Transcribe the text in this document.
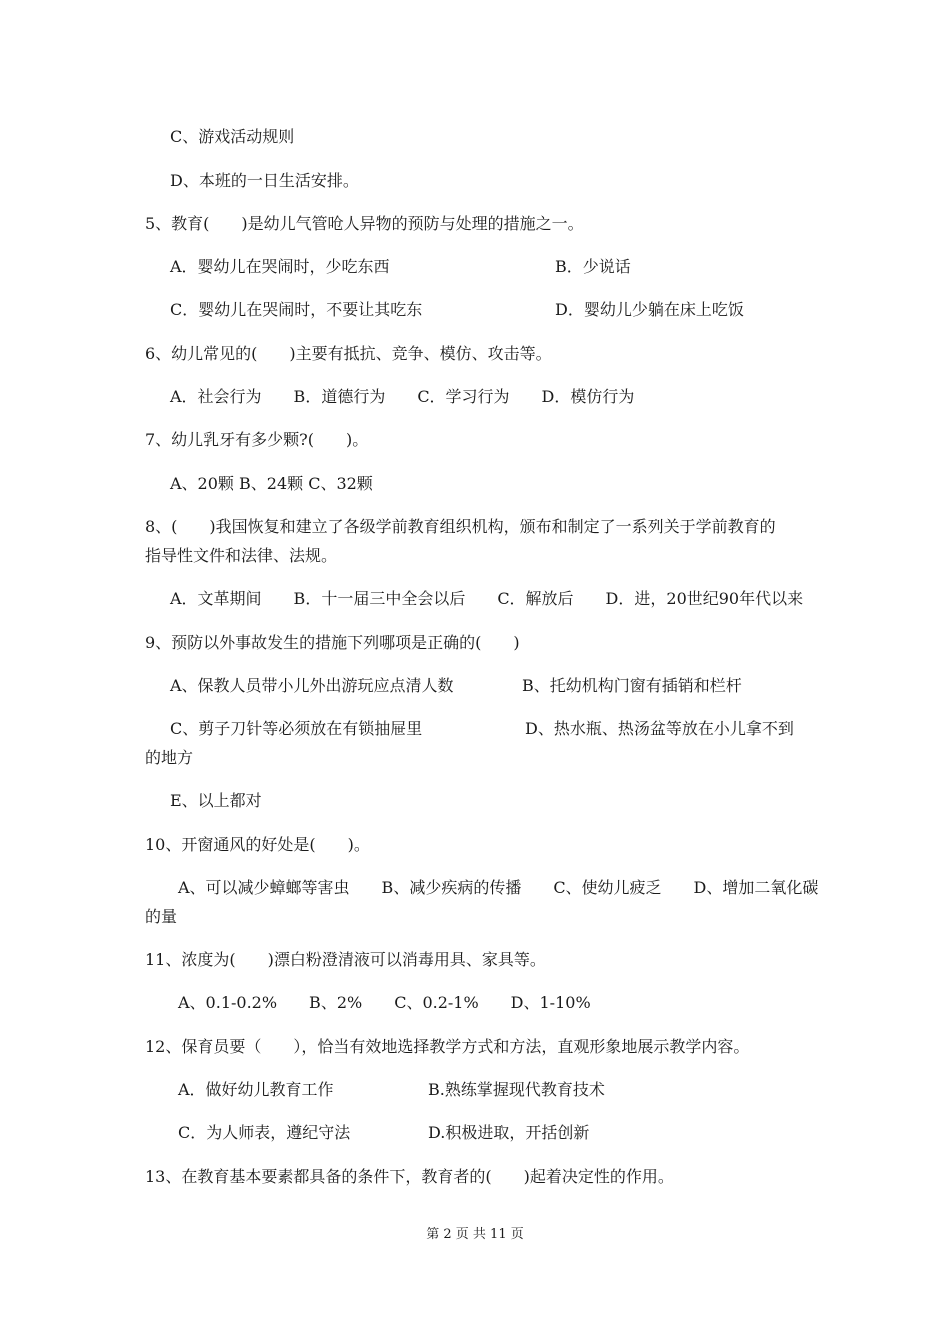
C、游戏活动规则
D、本班的一日生活安排。
5、教育(　　)是幼儿气管呛人异物的预防与处理的措施之一。
A．婴幼儿在哭闹时，少吃东西	B．少说话
C．婴幼儿在哭闹时，不要让其吃东	D．婴幼儿少躺在床上吃饭
6、幼儿常见的(　　)主要有抵抗、竞争、模仿、攻击等。
A．社会行为　　B．道德行为　　C．学习行为　　D．模仿行为
7、幼儿乳牙有多少颗?(　　)。
A、20颗 B、24颗 C、32颗
8、(　　)我国恢复和建立了各级学前教育组织机构，颁布和制定了一系列关于学前教育的
指导性文件和法律、法规。
A．文革期间　　B．十一届三中全会以后　　C．解放后　　D．进，20世纪90年代以来
9、预防以外事故发生的措施下列哪项是正确的(　　)
A、保教人员带小儿外出游玩应点清人数	B、托幼机构门窗有插销和栏杆
C、剪子刀针等必须放在有锁抽屉里	D、热水瓶、热汤盆等放在小儿拿不到
的地方
E、以上都对
10、开窗通风的好处是(　　)。
A、可以减少蟑螂等害虫　　B、减少疾病的传播　　C、使幼儿疲乏　　D、增加二氧化碳
的量
11、浓度为(　　)漂白粉澄清液可以消毒用具、家具等。
A、0.1-0.2%　　B、2%　　C、0.2-1%　　D、1-10%
12、保育员要（　　），恰当有效地选择教学方式和方法，直观形象地展示教学内容。
A．做好幼儿教育工作	B.熟练掌握现代教育技术
C．为人师表，遵纪守法	D.积极进取，开括创新
13、在教育基本要素都具备的条件下，教育者的(　　)起着决定性的作用。
第 2 页 共 11 页
